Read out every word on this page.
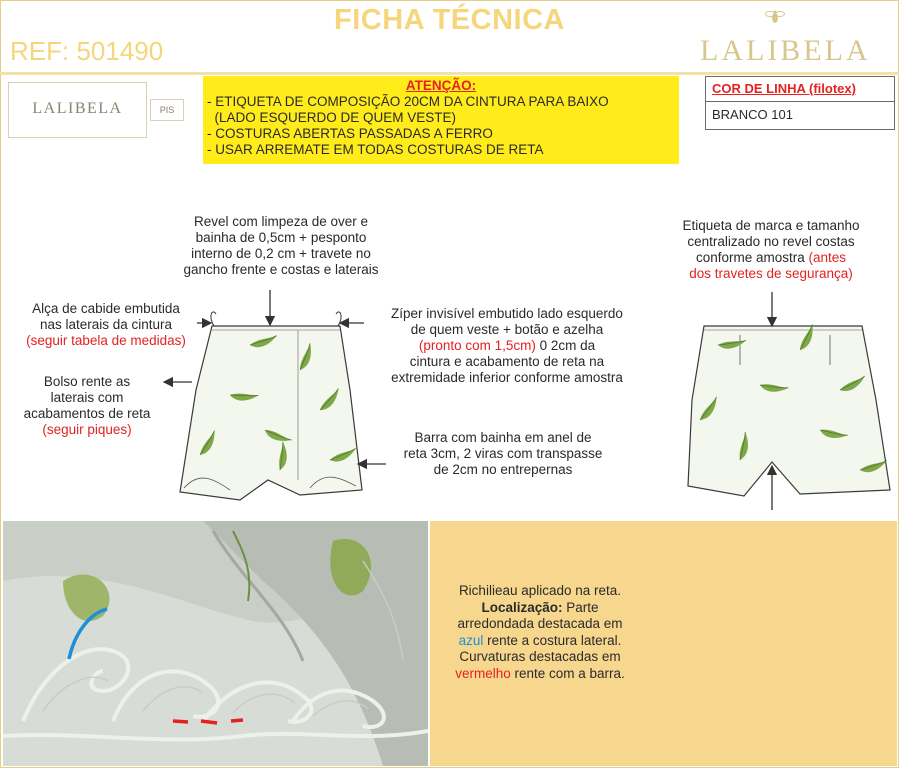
FICHA TÉCNICA
REF: 501490	LALIBELA
LALIBELA	PIS
ATENÇÃO:
- ETIQUETA DE COMPOSIÇÃO 20CM DA CINTURA PARA BAIXO
(LADO ESQUERDO DE QUEM VESTE)
- COSTURAS ABERTAS PASSADAS A FERRO
- USAR ARREMATE EM TODAS COSTURAS DE RETA
COR DE LINHA (filotex)
BRANCO 101
Revel com limpeza de over e
bainha de 0,5cm + pesponto
interno de 0,2 cm + travete no
gancho frente e costas e laterais
Alça de cabide embutida
nas laterais da cintura
(seguir tabela de medidas)
Bolso rente as
laterais com
acabamentos de reta
(seguir piques)
Zíper invisível embutido lado esquerdo
de quem veste + botão e azelha
(pronto com 1,5cm) 0 2cm da
cintura e acabamento de reta na
extremidade inferior conforme amostra
Barra com bainha em anel de
reta 3cm, 2 viras com transpasse
de 2cm no entrepernas
Etiqueta de marca e tamanho
centralizado no revel costas
conforme amostra (antes
dos travetes de segurança)
Richilieau aplicado na reta.
Localização: Parte
arredondada destacada em
azul rente a costura lateral.
Curvaturas destacadas em
vermelho rente com a barra.
